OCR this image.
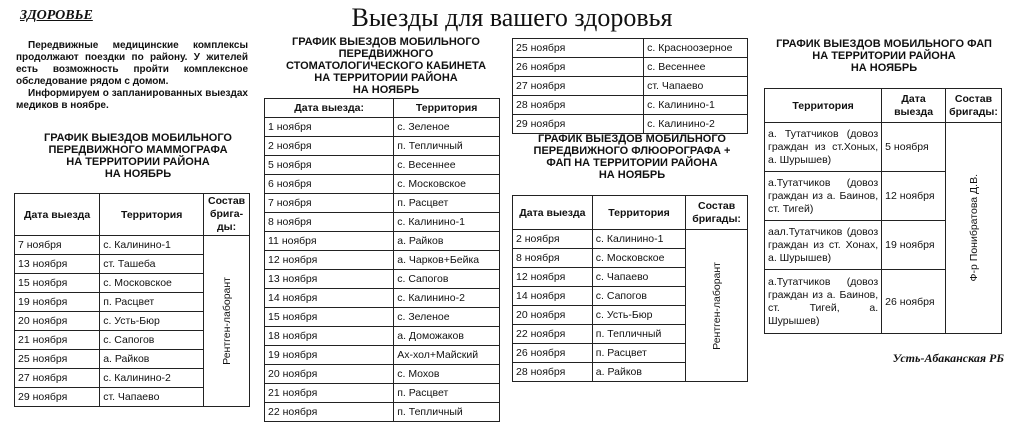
ЗДОРОВЬЕ	Выезды для вашего здоровья

Передвижные медицинские комплексы продолжают поездки по району. У жителей есть возможность пройти комплексное обследование рядом с домом.

Информируем о запланированных выездах медиков в ноябре.

ГРАФИК ВЫЕЗДОВ МОБИЛЬНОГО
ПЕРЕДВИЖНОГО МАММОГРАФА
НА ТЕРРИТОРИИ РАЙОНА
НА НОЯБРЬ
Дата выезда	Территория	Состав брига-ды:
7 ноября	с. Калинино-1	Рентген-лаборант

13 ноября	ст. Ташеба	
15 ноября	с. Московское	
19 ноября	п. Расцвет	
20 ноября	с. Усть-Бюр	
21 ноября	с. Сапогов	
25 ноября	а. Райков	
27 ноября	с. Калинино-2	
29 ноября	ст. Чапаево	
ГРАФИК ВЫЕЗДОВ МОБИЛЬНОГО
ПЕРЕДВИЖНОГО
СТОМАТОЛОГИЧЕСКОГО КАБИНЕТА
НА ТЕРРИТОРИИ РАЙОНА
НА НОЯБРЬ
Дата выезда:	Территория
1 ноября	с. Зеленое
2 ноября	п. Тепличный
5 ноября	с. Весеннее
6 ноября	с. Московское
7 ноября	п. Расцвет
8 ноября	с. Калинино-1
11 ноября	а. Райков
12 ноября	а. Чарков+Бейка
13 ноября	с. Сапогов
14 ноября	с. Калинино-2
15 ноября	с. Зеленое
18 ноября	а. Доможаков
19 ноября	Ах-хол+Майский
20 ноября	с. Мохов
21 ноября	п. Расцвет
22 ноября	п. Тепличный
25 ноября	с. Красноозерное
26 ноября	с. Весеннее
27 ноября	ст. Чапаево
28 ноября	с. Калинино-1
29 ноября	с. Калинино-2
ГРАФИК ВЫЕЗДОВ МОБИЛЬНОГО
ПЕРЕДВИЖНОГО ФЛЮОРОГРАФА +
ФАП НА ТЕРРИТОРИИ РАЙОНА
НА НОЯБРЬ
Дата выезда	Территория	Состав бригады:
2 ноября	с. Калинино-1	Рентген-лаборант

8 ноября	с. Московское	
12 ноября	с. Чапаево	
14 ноября	с. Сапогов	
20 ноября	с. Усть-Бюр	
22 ноября	п. Тепличный	
26 ноября	п. Расцвет	
28 ноября	а. Райков	
ГРАФИК ВЫЕЗДОВ МОБИЛЬНОГО ФАП
НА ТЕРРИТОРИИ РАЙОНА
НА НОЯБРЬ
Территория	Дата выезда	Состав бригады:
а. Тутатчиков (довоз граждан из ст.Хоных, а. Шурышев)	5 ноября	Ф-р Понибратова Д.В.

а.Тутатчиков (довоз граждан из а. Баинов, ст. Тигей)	12 ноября	
аал.Тутатчиков (довоз граждан из ст. Хонах, а. Шурышев)	19 ноября	
а.Тутатчиков (довоз граждан из а. Баинов, ст. Тигей, а. Шурышев)	26 ноября	
Усть-Абаканская РБ
